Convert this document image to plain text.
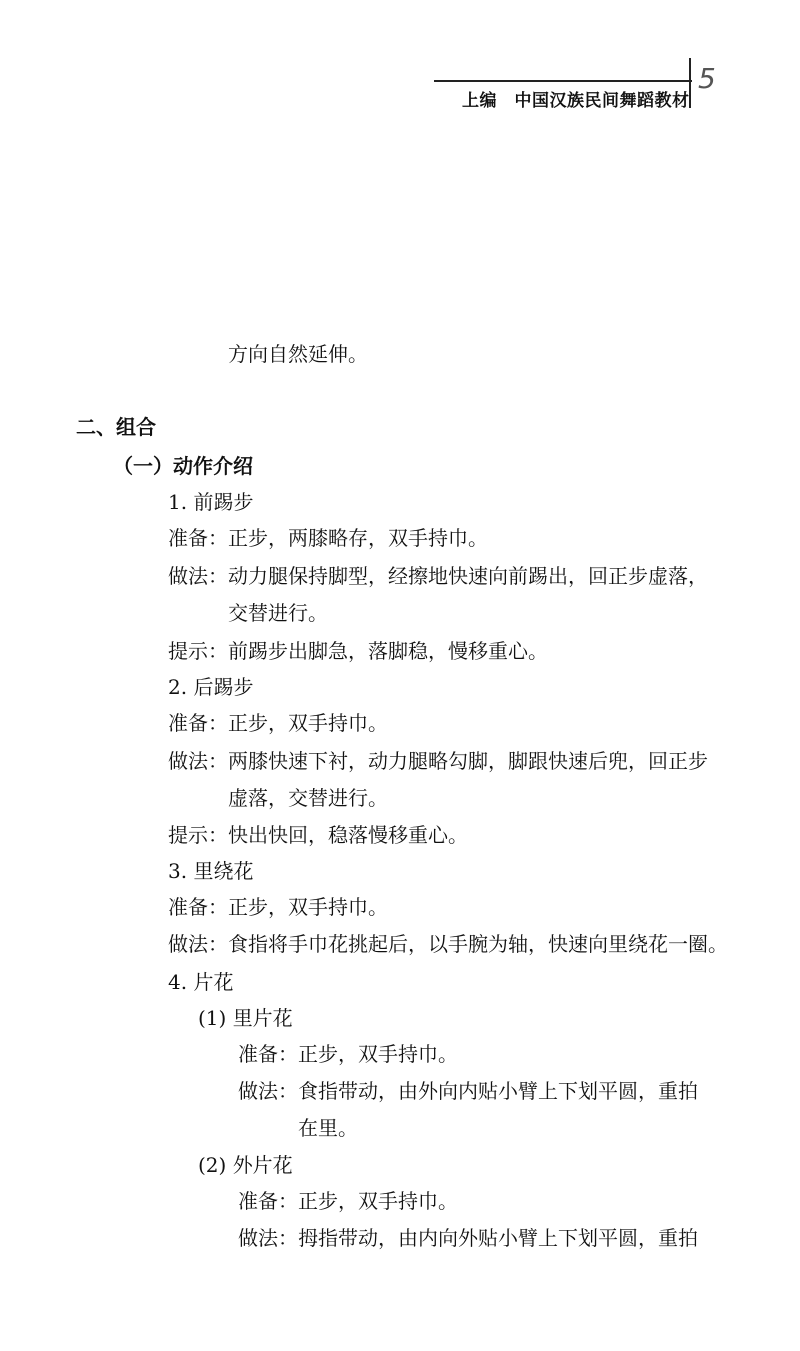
上编　中国汉族民间舞蹈教材
5
方向自然延伸。
二、组合
（一）动作介绍
1. 前踢步
准备：正步，两膝略存，双手持巾。
做法：动力腿保持脚型，经擦地快速向前踢出，回正步虚落，
交替进行。
提示：前踢步出脚急，落脚稳，慢移重心。
2. 后踢步
准备：正步，双手持巾。
做法：两膝快速下衬，动力腿略勾脚，脚跟快速后兜，回正步
虚落，交替进行。
提示：快出快回，稳落慢移重心。
3. 里绕花
准备：正步，双手持巾。
做法：食指将手巾花挑起后，以手腕为轴，快速向里绕花一圈。
4. 片花
(1) 里片花
准备：正步，双手持巾。
做法：食指带动，由外向内贴小臂上下划平圆，重拍
在里。
(2) 外片花
准备：正步，双手持巾。
做法：拇指带动，由内向外贴小臂上下划平圆，重拍
